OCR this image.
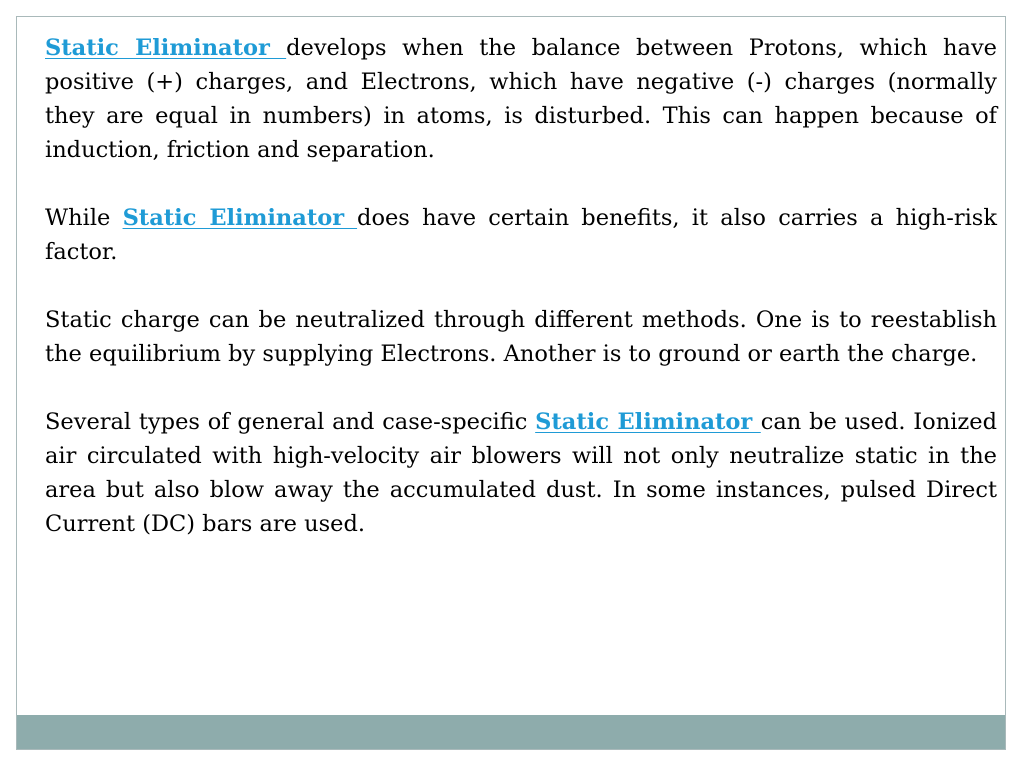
Static Eliminator develops when the balance between Protons, which have positive (+) charges, and Electrons, which have negative (-) charges (normally they are equal in numbers) in atoms, is disturbed. This can happen because of induction, friction and separation.

While Static Eliminator does have certain benefits, it also carries a high-risk factor.

Static charge can be neutralized through different methods. One is to reestablish the equilibrium by supplying Electrons. Another is to ground or earth the charge.

Several types of general and case-specific Static Eliminator can be used. Ionized air circulated with high-velocity air blowers will not only neutralize static in the area but also blow away the accumulated dust. In some instances, pulsed Direct Current (DC) bars are used.
